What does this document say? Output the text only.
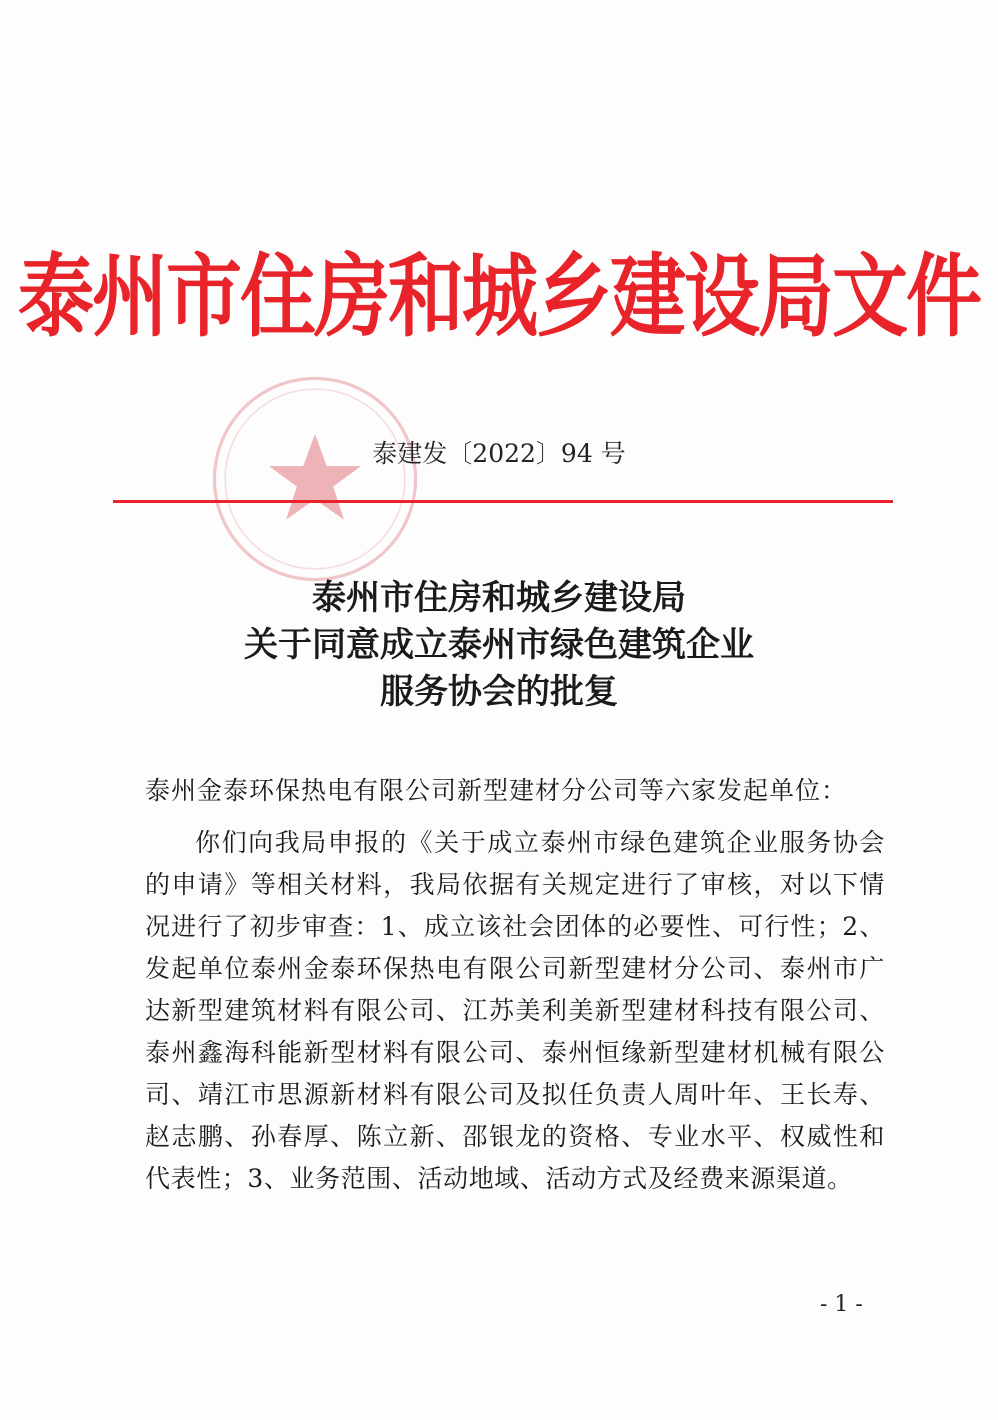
泰州市住房和城乡建设局文件
泰建发〔2022〕94 号
泰州市住房和城乡建设局
关于同意成立泰州市绿色建筑企业
服务协会的批复
泰州金泰环保热电有限公司新型建材分公司等六家发起单位：
你们向我局申报的《关于成立泰州市绿色建筑企业服务协会
的申请》等相关材料，我局依据有关规定进行了审核，对以下情
况进行了初步审查：1、成立该社会团体的必要性、可行性；2、
发起单位泰州金泰环保热电有限公司新型建材分公司、泰州市广
达新型建筑材料有限公司、江苏美利美新型建材科技有限公司、
泰州鑫海科能新型材料有限公司、泰州恒缘新型建材机械有限公
司、靖江市思源新材料有限公司及拟任负责人周叶年、王长寿、
赵志鹏、孙春厚、陈立新、邵银龙的资格、专业水平、权威性和
代表性；3、业务范围、活动地域、活动方式及经费来源渠道。
- 1 -
